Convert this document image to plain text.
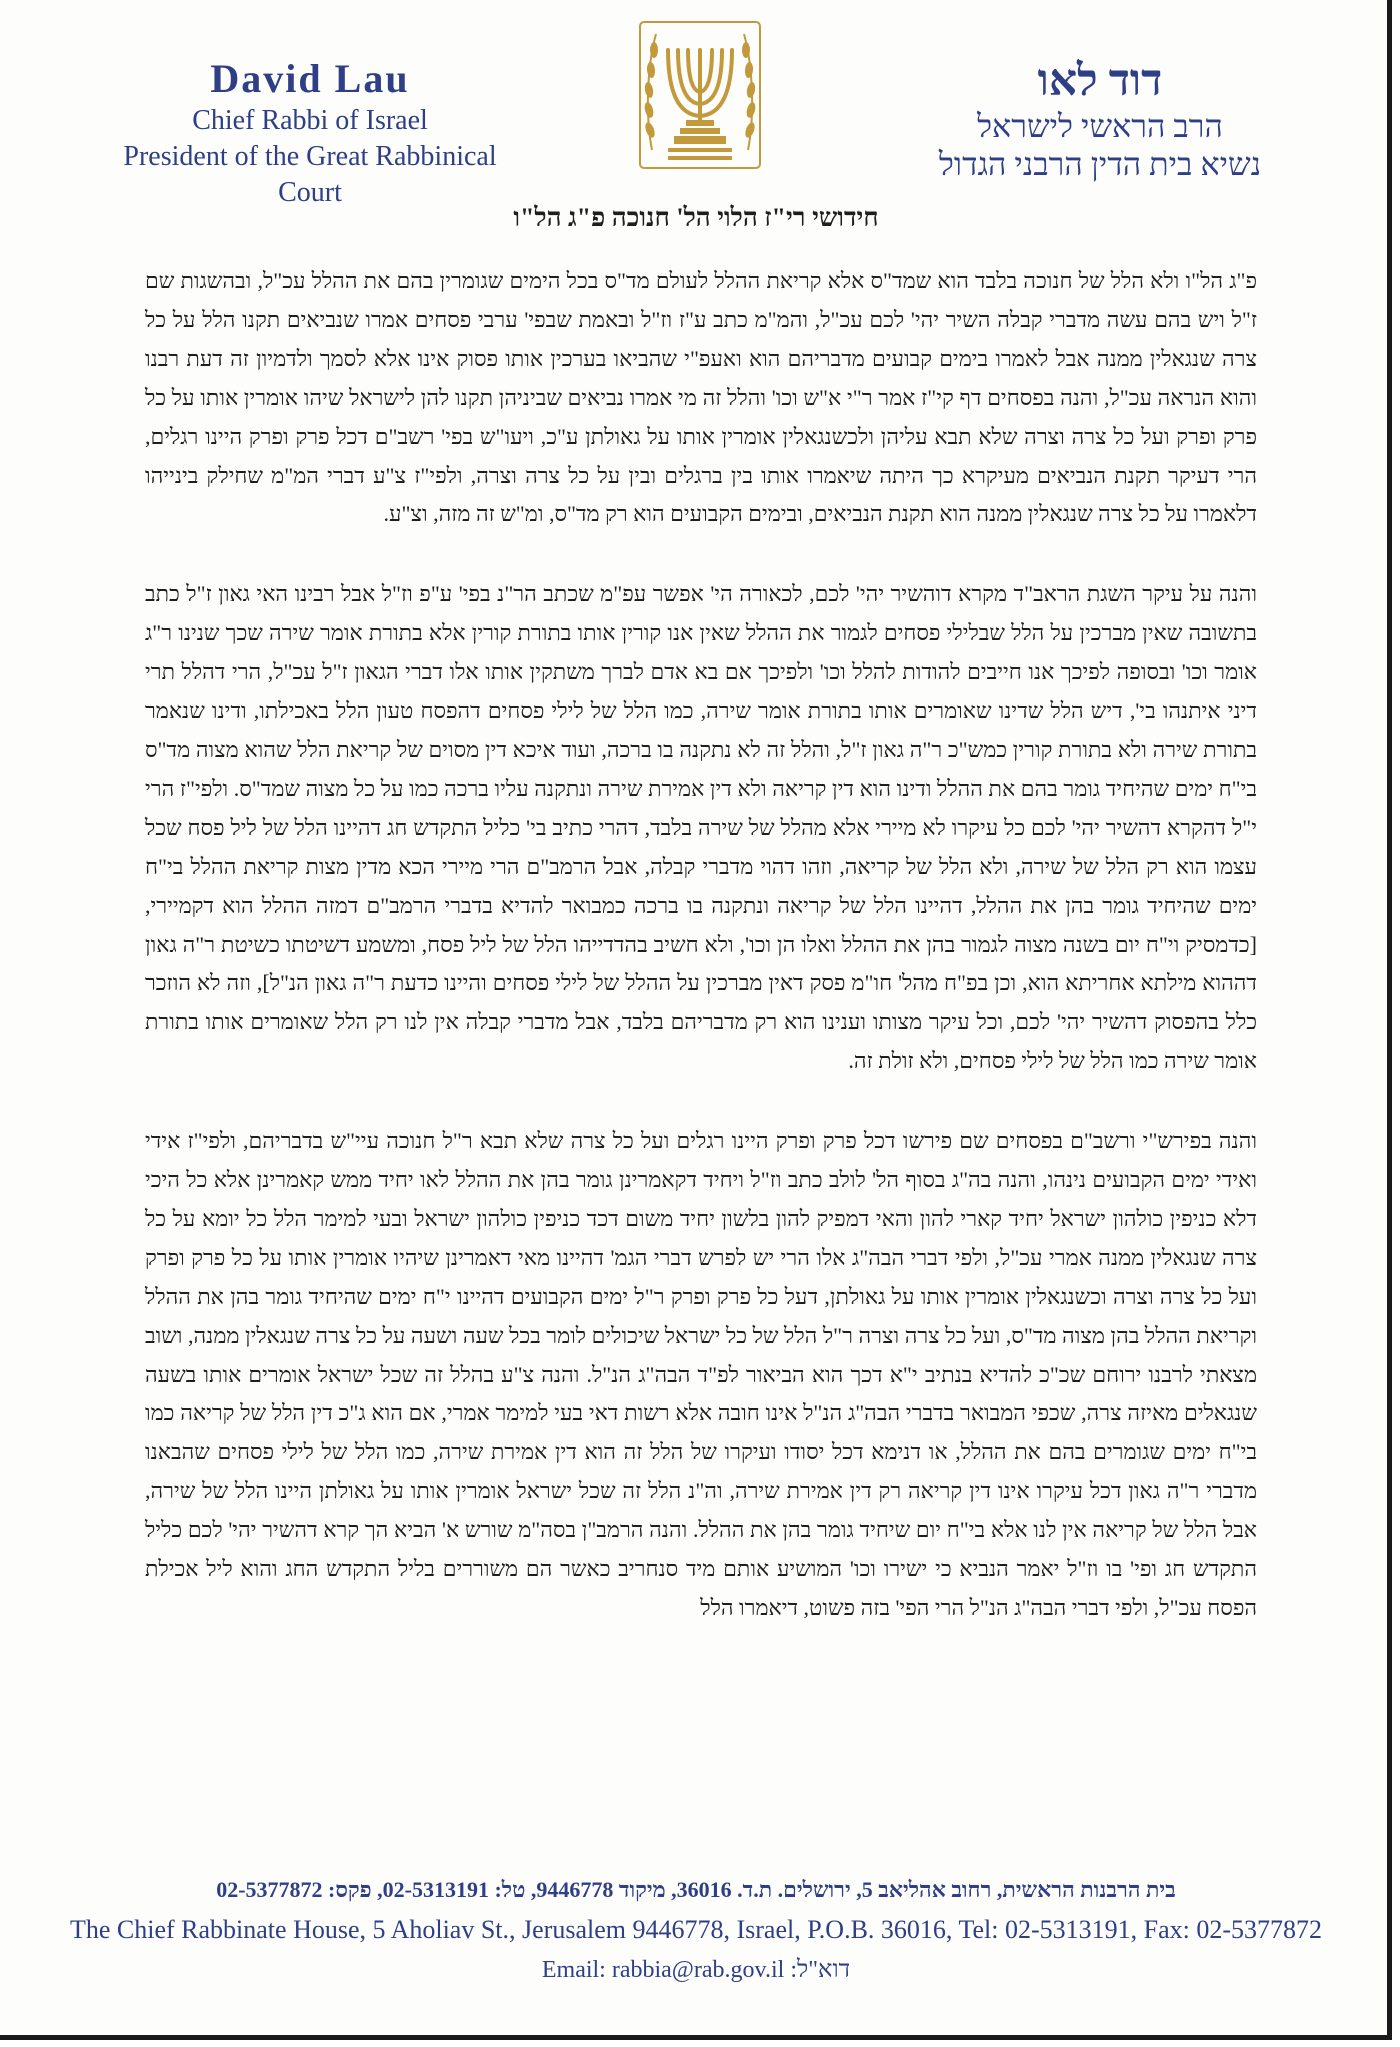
David Lau
Chief Rabbi of Israel
President of the Great Rabbinical Court
דוד לאו
הרב הראשי לישראל
נשיא בית הדין הרבני הגדול
חידושי רי"ז הלוי הל' חנוכה פ"ג הל"ו

פ"ג הל"ו ולא הלל של חנוכה בלבד הוא שמד"ס אלא קריאת ההלל לעולם מד"ס בכל הימים שגומרין בהם את ההלל עכ"ל, ובהשגות שם ז"ל ויש בהם עשה מדברי קבלה השיר יהי' לכם עכ"ל, והמ"מ כתב ע"ז וז"ל ובאמת שבפי' ערבי פסחים אמרו שנביאים תקנו הלל על כל צרה שנגאלין ממנה אבל לאמרו בימים קבועים מדבריהם הוא ואעפ"י שהביאו בערכין אותו פסוק אינו אלא לסמך ולדמיון זה דעת רבנו והוא הנראה עכ"ל, והנה בפסחים דף קי"ז אמר ר"י א"ש וכו' והלל זה מי אמרו נביאים שביניהן תקנו להן לישראל שיהו אומרין אותו על כל פרק ופרק ועל כל צרה וצרה שלא תבא עליהן ולכשנגאלין אומרין אותו על גאולתן ע"כ, ויעו"ש בפי' רשב"ם דכל פרק ופרק היינו רגלים, הרי דעיקר תקנת הנביאים מעיקרא כך היתה שיאמרו אותו בין ברגלים ובין על כל צרה וצרה, ולפי"ז צ"ע דברי המ"מ שחילק בינייהו דלאמרו על כל צרה שנגאלין ממנה הוא תקנת הנביאים, ובימים הקבועים הוא רק מד"ס, ומ"ש זה מזה, וצ"ע.

והנה על עיקר השגת הראב"ד מקרא דוהשיר יהי' לכם, לכאורה הי' אפשר עפ"מ שכתב הר"נ בפי' ע"פ וז"ל אבל רבינו האי גאון ז"ל כתב בתשובה שאין מברכין על הלל שבלילי פסחים לגמור את ההלל שאין אנו קורין אותו בתורת קורין אלא בתורת אומר שירה שכך שנינו ר"ג אומר וכו' ובסופה לפיכך אנו חייבים להודות להלל וכו' ולפיכך אם בא אדם לברך משתקין אותו אלו דברי הגאון ז"ל עכ"ל, הרי דהלל תרי דיני איתנהו בי', דיש הלל שדינו שאומרים אותו בתורת אומר שירה, כמו הלל של לילי פסחים דהפסח טעון הלל באכילתו, ודינו שנאמר בתורת שירה ולא בתורת קורין כמש"כ ר"ה גאון ז"ל, והלל זה לא נתקנה בו ברכה, ועוד איכא דין מסוים של קריאת הלל שהוא מצוה מד"ס בי"ח ימים שהיחיד גומר בהם את ההלל ודינו הוא דין קריאה ולא דין אמירת שירה ונתקנה עליו ברכה כמו על כל מצוה שמד"ס. ולפי"ז הרי י"ל דהקרא דהשיר יהי' לכם כל עיקרו לא מיירי אלא מהלל של שירה בלבד, דהרי כתיב בי' כליל התקדש חג דהיינו הלל של ליל פסח שכל עצמו הוא רק הלל של שירה, ולא הלל של קריאה, וזהו דהוי מדברי קבלה, אבל הרמב"ם הרי מיירי הכא מדין מצות קריאת ההלל בי"ח ימים שהיחיד גומר בהן את ההלל, דהיינו הלל של קריאה ונתקנה בו ברכה כמבואר להדיא בדברי הרמב"ם דמזה ההלל הוא דקמיירי, [כדמסיק וי"ח יום בשנה מצוה לגמור בהן את ההלל ואלו הן וכו', ולא חשיב בהדדייהו הלל של ליל פסח, ומשמע דשיטתו כשיטת ר"ה גאון דההוא מילתא אחריתא הוא, וכן בפ"ח מהל' חו"מ פסק דאין מברכין על ההלל של לילי פסחים והיינו כדעת ר"ה גאון הנ"ל], וזה לא הוזכר כלל בהפסוק דהשיר יהי' לכם, וכל עיקר מצותו וענינו הוא רק מדבריהם בלבד, אבל מדברי קבלה אין לנו רק הלל שאומרים אותו בתורת אומר שירה כמו הלל של לילי פסחים, ולא זולת זה.

והנה בפירש"י ורשב"ם בפסחים שם פירשו דכל פרק ופרק היינו רגלים ועל כל צרה שלא תבא ר"ל חנוכה עיי"ש בדבריהם, ולפי"ז אידי ואידי ימים הקבועים נינהו, והנה בה"ג בסוף הל' לולב כתב וז"ל ויחיד דקאמרינן גומר בהן את ההלל לאו יחיד ממש קאמרינן אלא כל היכי דלא כניפין כולהון ישראל יחיד קארי להון והאי דמפיק להון בלשון יחיד משום דכד כניפין כולהון ישראל ובעי למימר הלל כל יומא על כל צרה שנגאלין ממנה אמרי עכ"ל, ולפי דברי הבה"ג אלו הרי יש לפרש דברי הגמ' דהיינו מאי דאמרינן שיהיו אומרין אותו על כל פרק ופרק ועל כל צרה וצרה וכשנגאלין אומרין אותו על גאולתן, דעל כל פרק ופרק ר"ל ימים הקבועים דהיינו י"ח ימים שהיחיד גומר בהן את ההלל וקריאת ההלל בהן מצוה מד"ס, ועל כל צרה וצרה ר"ל הלל של כל ישראל שיכולים לומר בכל שעה ושעה על כל צרה שנגאלין ממנה, ושוב מצאתי לרבנו ירוחם שכ"כ להדיא בנתיב י"א דכך הוא הביאור לפ"ד הבה"ג הנ"ל. והנה צ"ע בהלל זה שכל ישראל אומרים אותו בשעה שנגאלים מאיזה צרה, שכפי המבואר בדברי הבה"ג הנ"ל אינו חובה אלא רשות דאי בעי למימר אמרי, אם הוא ג"כ דין הלל של קריאה כמו בי"ח ימים שגומרים בהם את ההלל, או דנימא דכל יסודו ועיקרו של הלל זה הוא דין אמירת שירה, כמו הלל של לילי פסחים שהבאנו מדברי ר"ה גאון דכל עיקרו אינו דין קריאה רק דין אמירת שירה, וה"נ הלל זה שכל ישראל אומרין אותו על גאולתן היינו הלל של שירה, אבל הלל של קריאה אין לנו אלא בי"ח יום שיחיד גומר בהן את ההלל. והנה הרמב"ן בסה"מ שורש א' הביא הך קרא דהשיר יהי' לכם כליל התקדש חג ופי' בו וז"ל יאמר הנביא כי ישירו וכו' המושיע אותם מיד סנחריב כאשר הם משוררים בליל התקדש החג והוא ליל אכילת הפסח עכ"ל, ולפי דברי הבה"ג הנ"ל הרי הפי' בזה פשוט, דיאמרו הלל

בית הרבנות הראשית, רחוב אהליאב 5, ירושלים. ת.ד. 36016, מיקוד 9446778, טל: 02-5313191, פקס: 02-5377872
The Chief Rabbinate House, 5 Aholiav St., Jerusalem 9446778, Israel, P.O.B. 36016, Tel: 02-5313191, Fax: 02-5377872
Email: rabbia@rab.gov.il דוא"ל:
